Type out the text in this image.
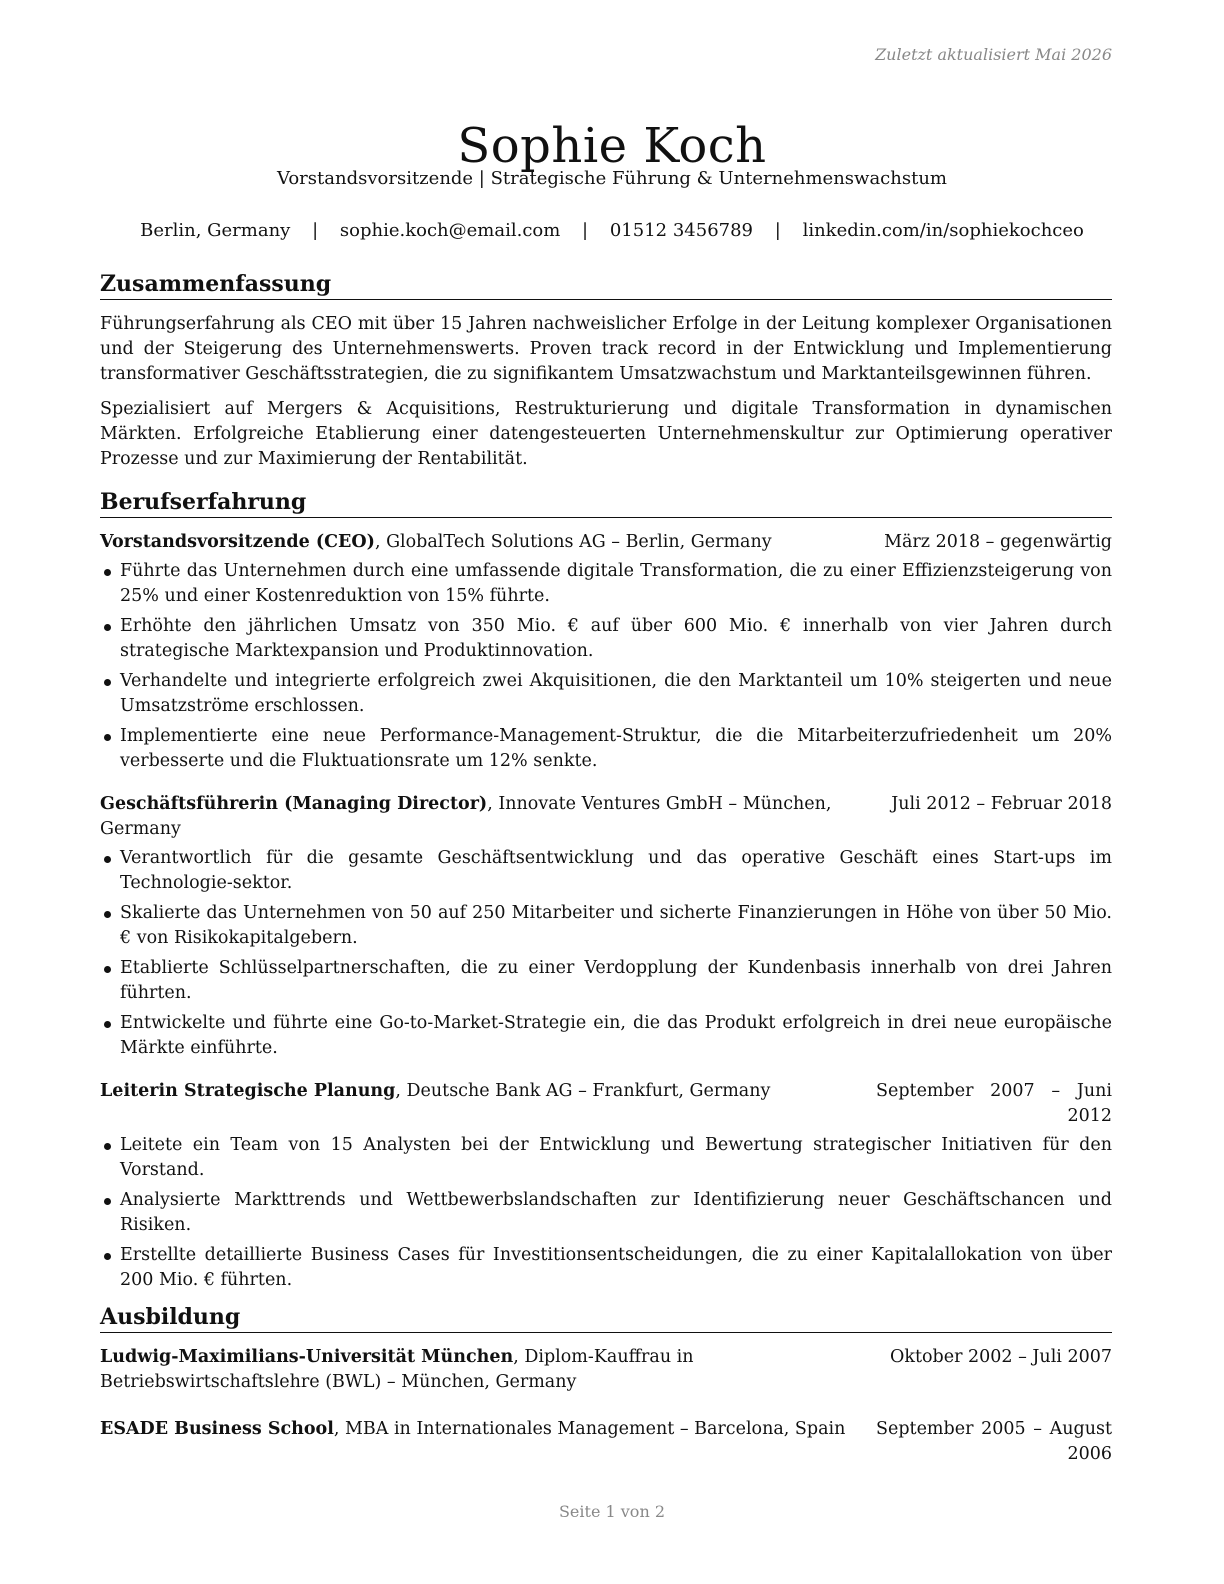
Zuletzt aktualisiert Mai 2026
Sophie Koch
Vorstandsvorsitzende | Strategische Führung & Unternehmenswachstum
Berlin, Germany | sophie.koch@email.com | 01512 3456789 | linkedin.com/in/sophiekochceo
Zusammenfassung

Führungserfahrung als CEO mit über 15 Jahren nachweislicher Erfolge in der Leitung komplexer Organisationen und der Steigerung des Unternehmenswerts. Proven track record in der Entwicklung und Implementierung transformativer Geschäftsstrategien, die zu signifikantem Umsatzwachstum und Marktanteilsgewinnen führen.

Spezialisiert auf Mergers & Acquisitions, Restrukturierung und digitale Transformation in dynamischen Märkten. Erfolgreiche Etablierung einer datengesteuerten Unternehmenskultur zur Optimierung operativer Prozesse und zur Maximierung der Rentabilität.

Berufserfahrung
Vorstandsvorsitzende (CEO), GlobalTech Solutions AG – Berlin, Germany	März 2018 – gegenwärtig
Führte das Unternehmen durch eine umfassende digitale Transformation, die zu einer Effizienzsteigerung von 25% und einer Kostenreduktion von 15% führte.
Erhöhte den jährlichen Umsatz von 350 Mio. € auf über 600 Mio. € innerhalb von vier Jahren durch strategische Marktexpansion und Produktinnovation.
Verhandelte und integrierte erfolgreich zwei Akquisitionen, die den Marktanteil um 10% steigerten und neue Umsatzströme erschlossen.
Implementierte eine neue Performance-Management-Struktur, die die Mitarbeiterzufriedenheit um 20% verbesserte und die Fluktuationsrate um 12% senkte.
Geschäftsführerin (Managing Director), Innovate Ventures GmbH – München, Germany
Juli 2012 – Februar 2018
Verantwortlich für die gesamte Geschäftsentwicklung und das operative Geschäft eines Start-ups im Technologie-sektor.
Skalierte das Unternehmen von 50 auf 250 Mitarbeiter und sicherte Finanzierungen in Höhe von über 50 Mio. € von Risikokapitalgebern.
Etablierte Schlüsselpartnerschaften, die zu einer Verdopplung der Kundenbasis innerhalb von drei Jahren führten.
Entwickelte und führte eine Go-to-Market-Strategie ein, die das Produkt erfolgreich in drei neue europäische Märkte einführte.
Leiterin Strategische Planung, Deutsche Bank AG – Frankfurt, Germany	September 2007 – Juni 2012
Leitete ein Team von 15 Analysten bei der Entwicklung und Bewertung strategischer Initiativen für den Vorstand.
Analysierte Markttrends und Wettbewerbslandschaften zur Identifizierung neuer Geschäftschancen und Risiken.
Erstellte detaillierte Business Cases für Investitionsentscheidungen, die zu einer Kapitalallokation von über 200 Mio. € führten.
Ausbildung
Ludwig-Maximilians-Universität München, Diplom-Kauffrau in Betriebswirtschaftslehre (BWL) – München, Germany
Oktober 2002 – Juli 2007
ESADE Business School, MBA in Internationales Management – Barcelona, Spain	September 2005 – August 2006
Seite 1 von 2
